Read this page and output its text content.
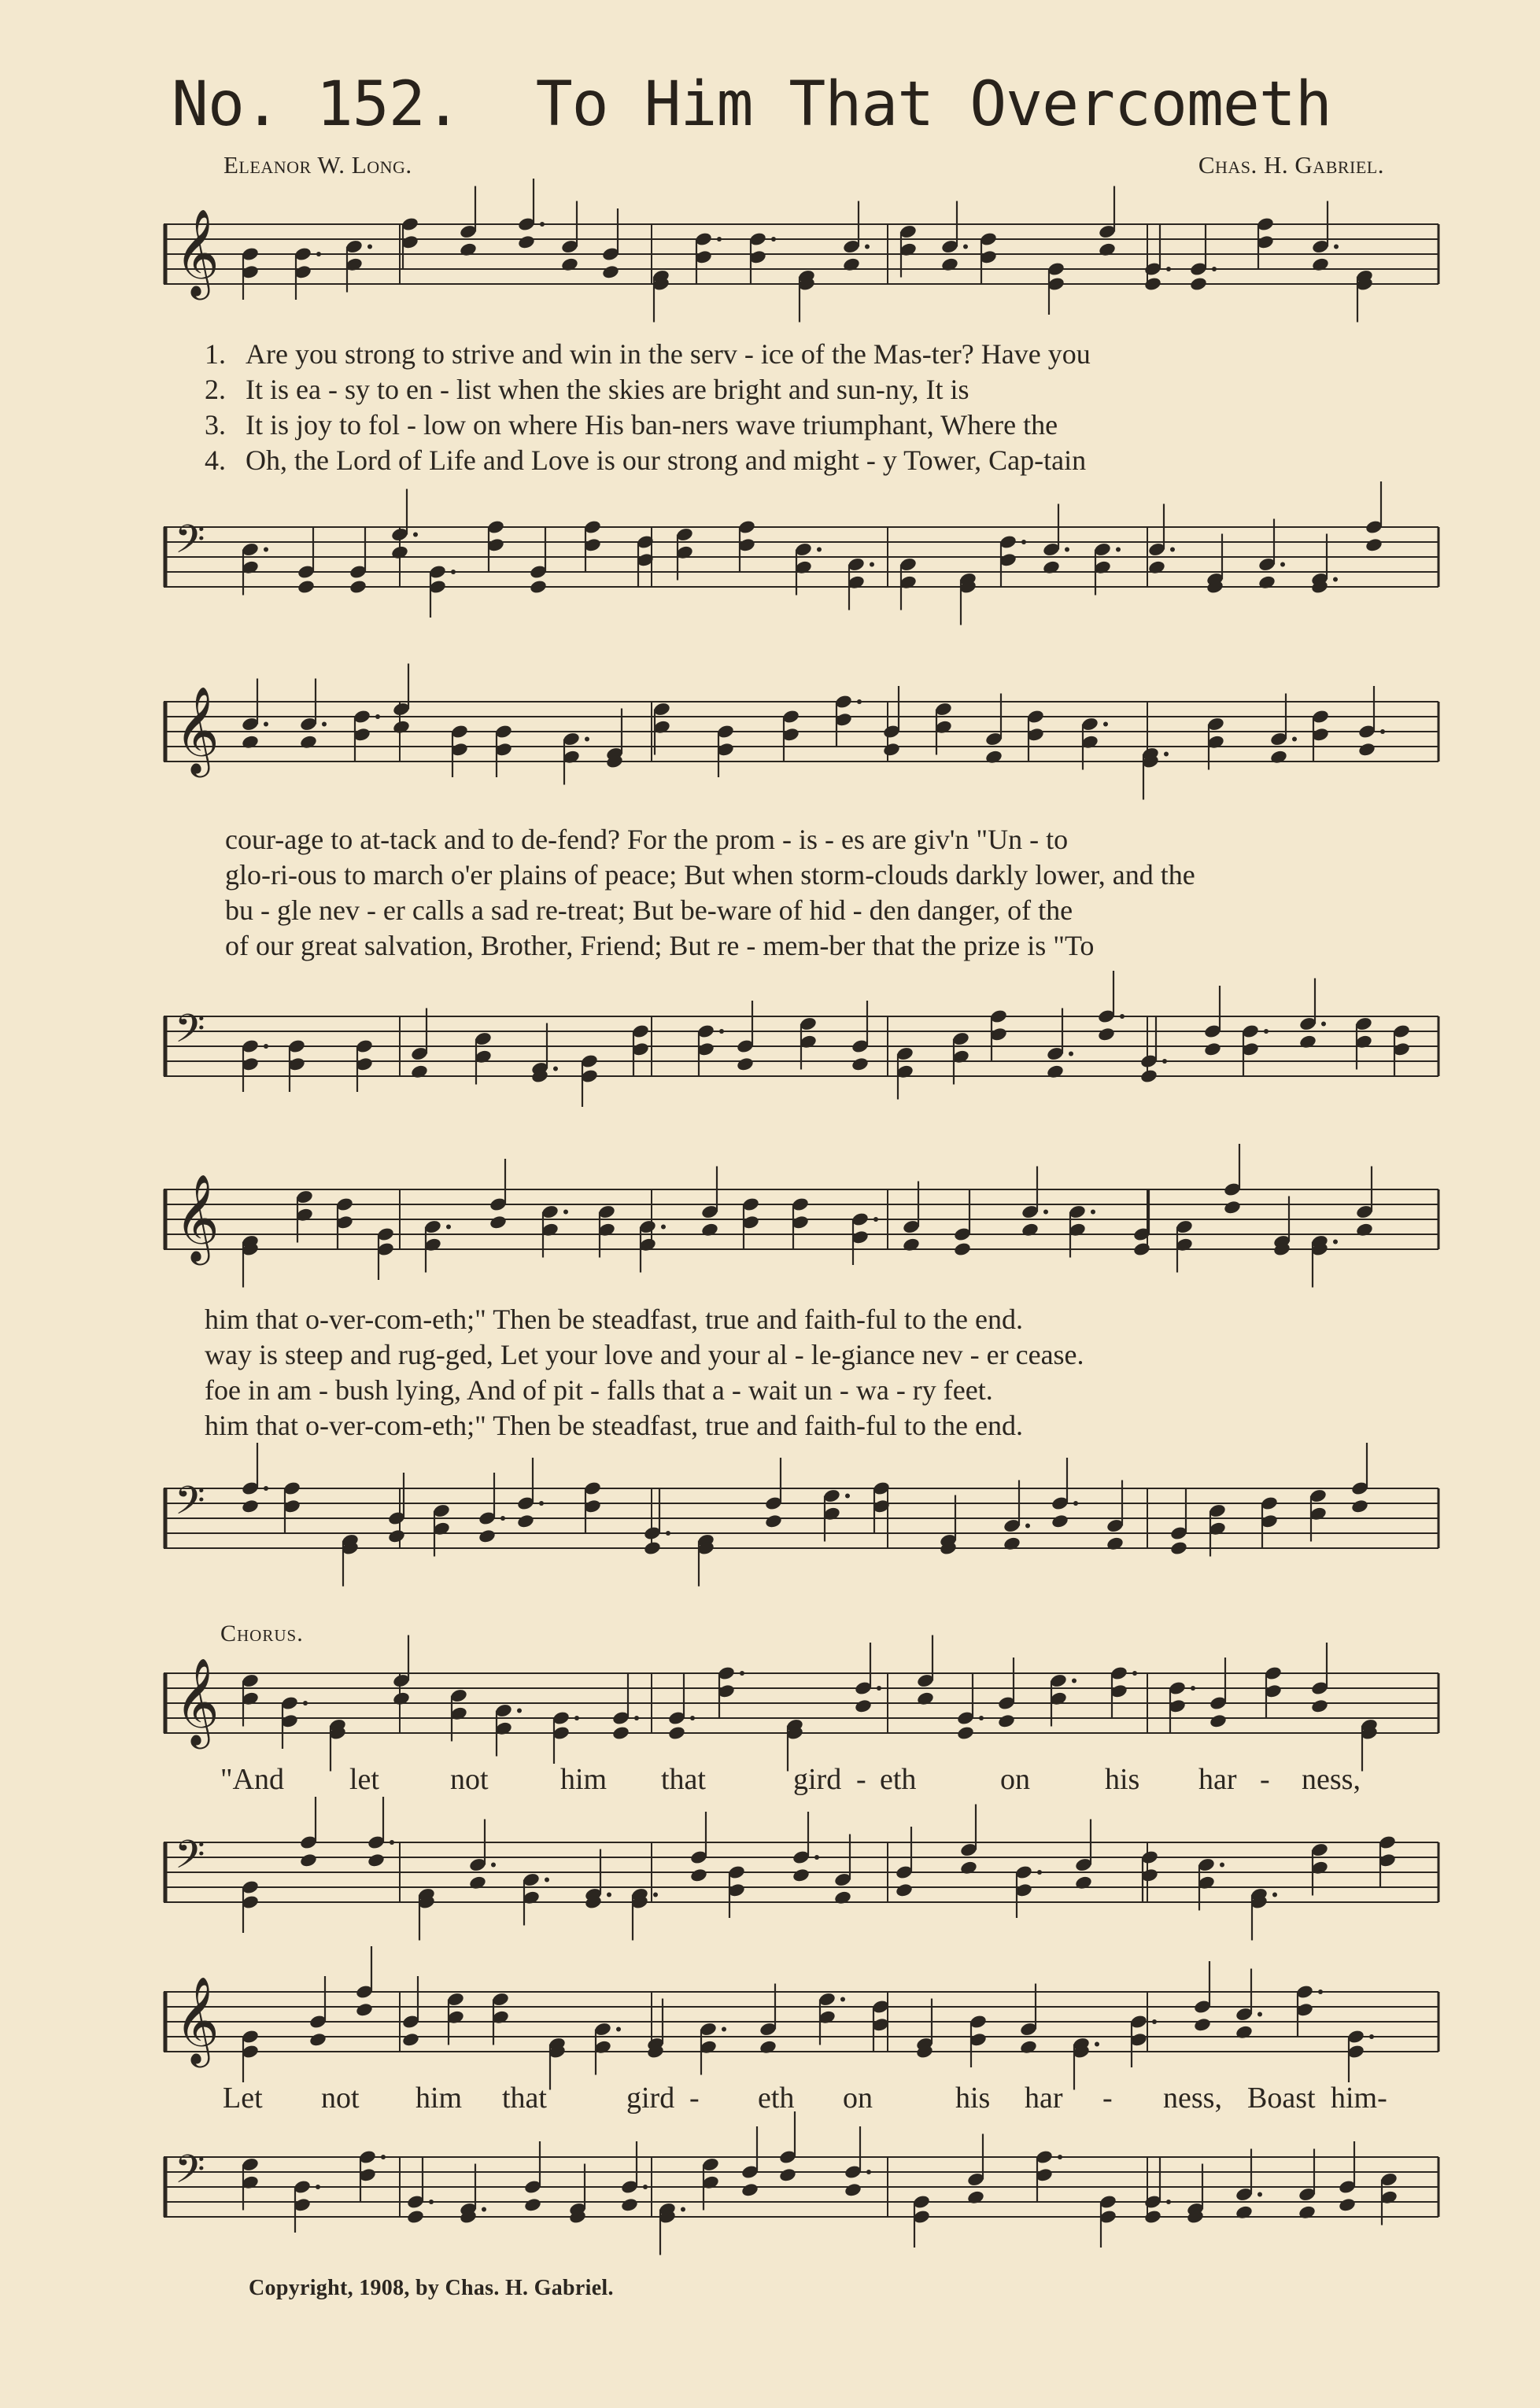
No. 152. To Him That Overcometh
Eleanor W. Long.	Chas. H. Gabriel.
𝄞
1. Are you strong to strive and win in the serv - ice of the Mas-ter? Have you
2. It is ea - sy to en - list when the skies are bright and sun-ny, It is
3. It is joy to fol - low on where His ban-ners wave triumphant, Where the
4. Oh, the Lord of Life and Love is our strong and might - y Tower, Cap-tain
𝄢
𝄞
cour-age to at-tack and to de-fend? For the prom - is - es are giv'n "Un - to
glo-ri-ous to march o'er plains of peace; But when storm-clouds darkly lower, and the
bu - gle nev - er calls a sad re-treat; But be-ware of hid - den danger, of the
of our great salvation, Brother, Friend; But re - mem-ber that the prize is "To
𝄢
𝄞
him that o-ver-com-eth;" Then be steadfast, true and faith-ful to the end.
way is steep and rug-ged, Let your love and your al - le-giance nev - er cease.
foe in am - bush lying, And of pit - falls that a - wait un - wa - ry feet.
him that o-ver-com-eth;" Then be steadfast, true and faith-ful to the end.
𝄢
Chorus.
𝄞
"And let not him that	gird - eth	on	his har - ness,
𝄢
𝄞
Let not him that	gird - eth on	his har - ness, Boast him-
𝄢
Copyright, 1908, by Chas. H. Gabriel.
